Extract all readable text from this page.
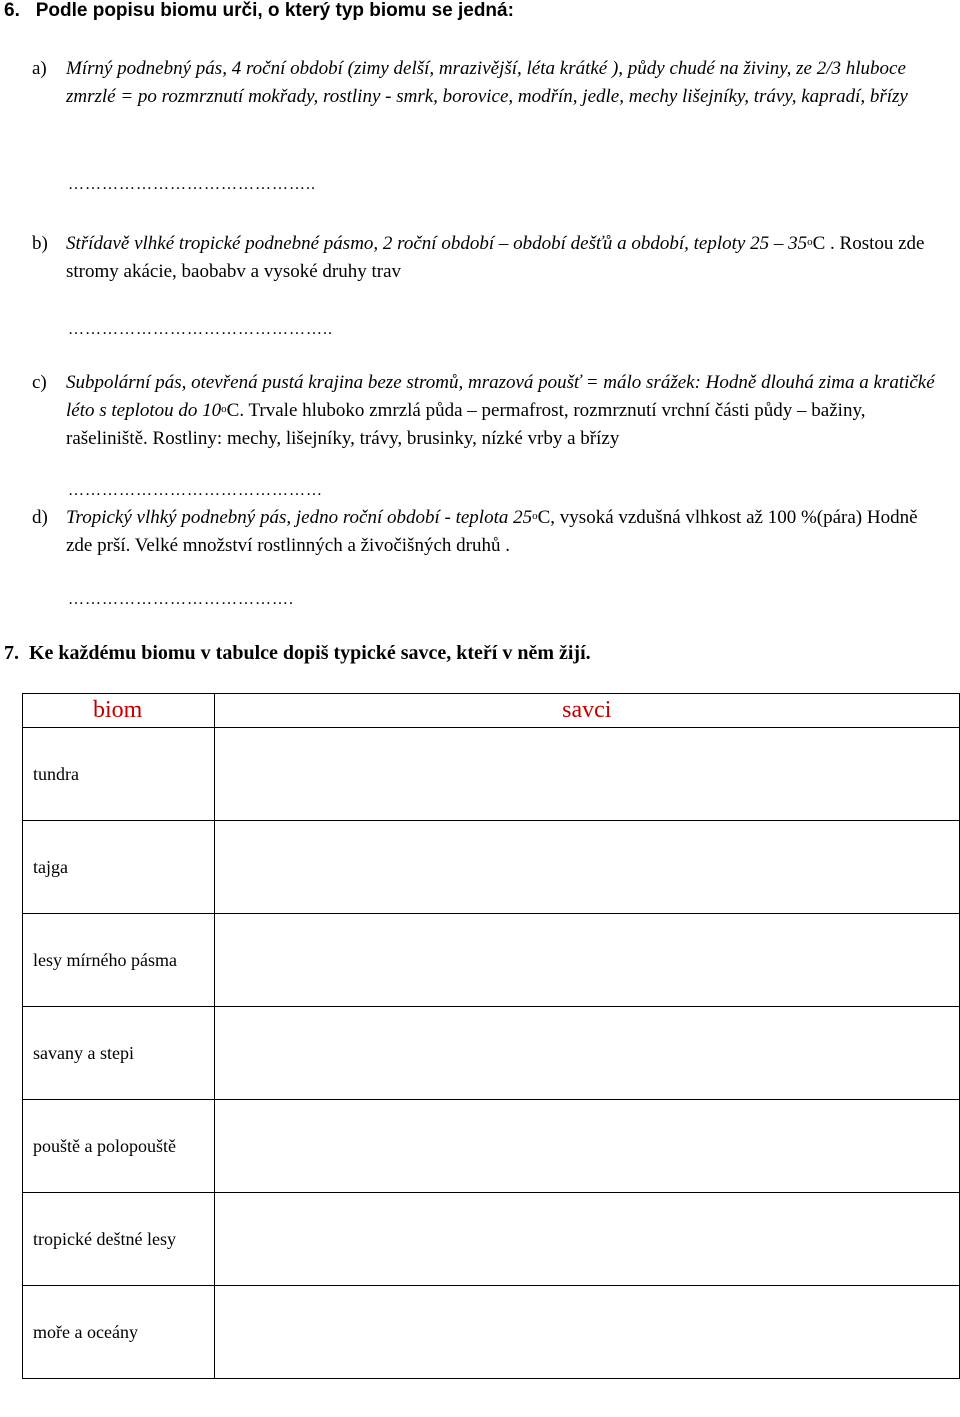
6. Podle popisu biomu urči, o který typ biomu se jedná:
a) Mírný podnebný pás, 4 roční období (zimy delší, mrazivější, léta krátké ), půdy chudé na živiny, ze 2/3 hluboce zmrzlé = po rozmrznutí mokřady, rostliny - smrk, borovice, modřín, jedle, mechy lišejníky, trávy, kapradí, břízy
……………………………………..
b) Střídavě vlhké tropické podnebné pásmo, 2 roční období – období dešťů a období, teploty 25 – 35$^o$C . Rostou zde stromy akácie, baobabv a vysoké druhy trav
………………………………………..
c) Subpolární pás, otevřená pustá krajina beze stromů, mrazová poušť = málo srážek: Hodně dlouhá zima a kratičké léto s teplotou do 10$^o$C. Trvale hluboko zmrzlá půda – permafrost, rozmrznutí vrchní části půdy – bažiny, rašeliniště. Rostliny: mechy, lišejníky, trávy, brusinky, nízké vrby a břízy
………………………………………
d) Tropický vlhký podnebný pás, jedno roční období - teplota 25$^o$C, vysoká vzdušná vlhkost až 100 %(pára) Hodně zde prší. Velké množství rostlinných a živočišných druhů .
………………………………….
7. Ke každému biomu v tabulce dopiš typické savce, kteří v něm žijí.
biom	savci
tundra	
tajga	
lesy mírného pásma	
savany a stepi	
pouště a polopouště	
tropické deštné lesy	
moře a oceány	
